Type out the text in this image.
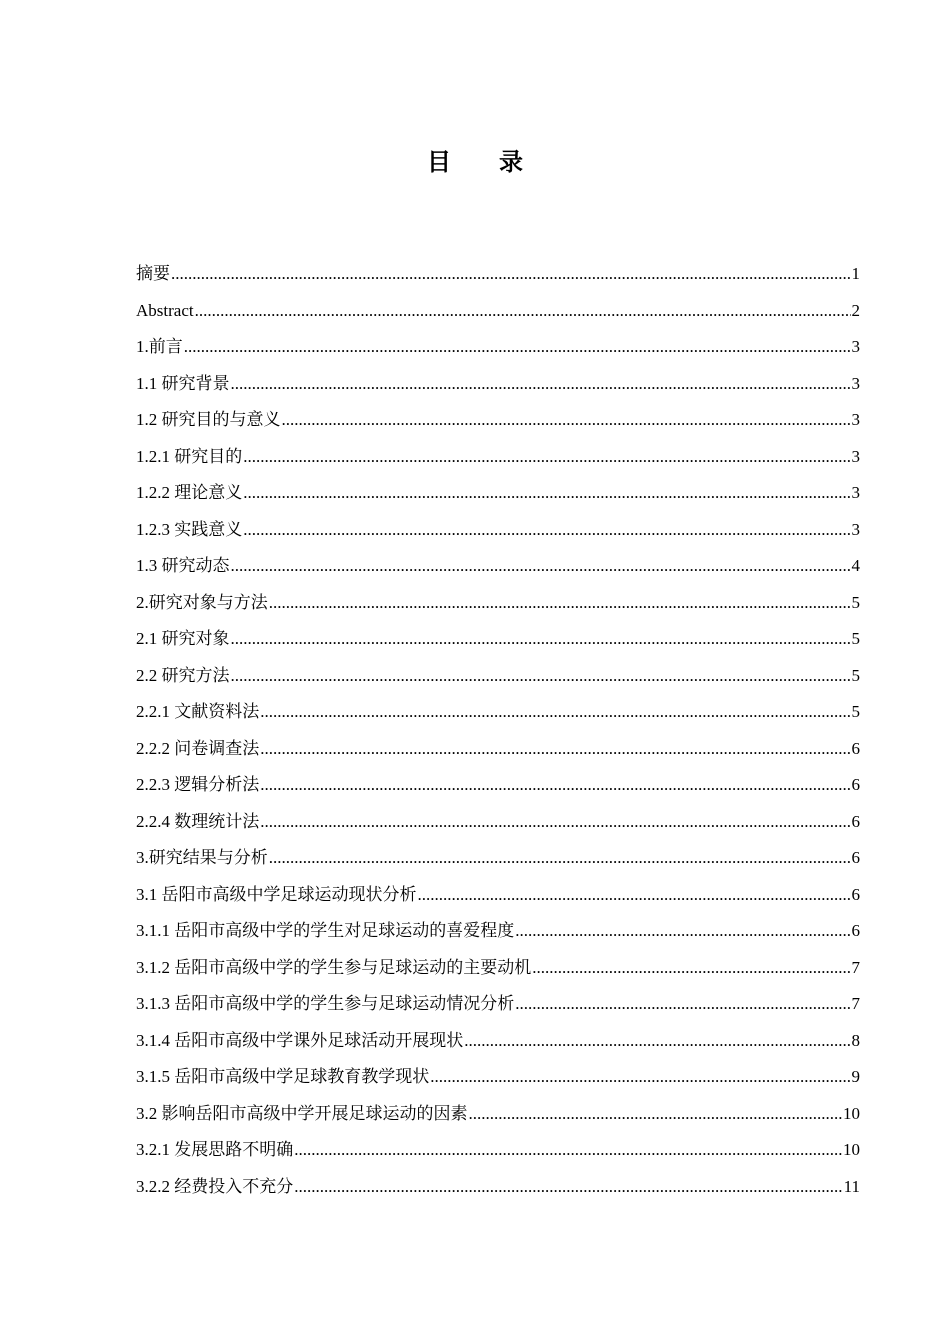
目 录
摘要 .....	1
Abstract .....	2
1.前言 .....	3
1.1 研究背景 .....	3
1.2 研究目的与意义 .....	3
1.2.1 研究目的 .....	3
1.2.2 理论意义 .....	3
1.2.3 实践意义 .....	3
1.3 研究动态 .....	4
2.研究对象与方法 .....	5
2.1 研究对象 .....	5
2.2 研究方法 .....	5
2.2.1 文献资料法 .....	5
2.2.2 问卷调查法 .....	6
2.2.3 逻辑分析法 .....	6
2.2.4 数理统计法 .....	6
3.研究结果与分析 .....	6
3.1 岳阳市高级中学足球运动现状分析 .....	6
3.1.1 岳阳市高级中学的学生对足球运动的喜爱程度 .....	6
3.1.2 岳阳市高级中学的学生参与足球运动的主要动机 .....	7
3.1.3 岳阳市高级中学的学生参与足球运动情况分析 .....	7
3.1.4 岳阳市高级中学课外足球活动开展现状 .....	8
3.1.5 岳阳市高级中学足球教育教学现状 .....	9
3.2 影响岳阳市高级中学开展足球运动的因素 .....	10
3.2.1 发展思路不明确 .....	10
3.2.2 经费投入不充分 .....	11
